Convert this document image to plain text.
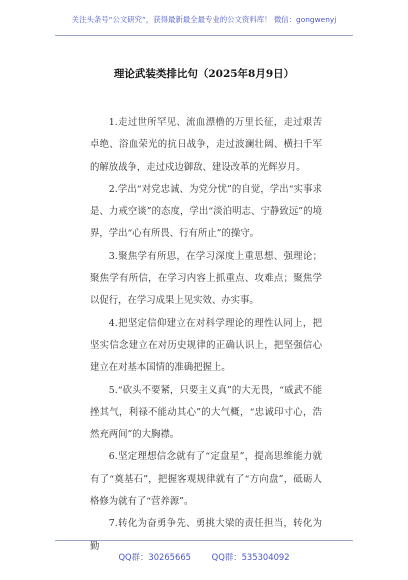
关注头条号“公文研究”，获得最新最全最专业的公文资料库！ 微信：gongwenyj
理论武装类排比句（2025年8月9日）

1.走过世所罕见、流血漂橹的万里长征，走过艰苦卓绝、浴血荣光的抗日战争，走过波澜壮阔、横扫千军的解放战争，走过戍边御敌、建设改革的光辉岁月。

2.学出“对党忠诚、为党分忧”的自觉，学出“实事求是、力戒空谈”的态度，学出“淡泊明志、宁静致远”的境界，学出“心有所畏、行有所止”的操守。

3.聚焦学有所思，在学习深度上重思想、强理论；聚焦学有所信，在学习内容上抓重点、攻难点；聚焦学以促行，在学习成果上见实效、办实事。

4.把坚定信仰建立在对科学理论的理性认同上，把坚实信念建立在对历史规律的正确认识上，把坚强信心建立在对基本国情的准确把握上。

5.“砍头不要紧，只要主义真”的大无畏，“威武不能挫其气，利禄不能动其心”的大气概，“忠诚印寸心，浩然充两间”的大胸襟。

6.坚定理想信念就有了“定盘星”，提高思维能力就有了“奠基石”，把握客观规律就有了“方向盘”，砥砺人格修为就有了“营养源”。

7.转化为奋勇争先、勇挑大梁的责任担当，转化为勤

QQ群：30265665 QQ群：535304092
